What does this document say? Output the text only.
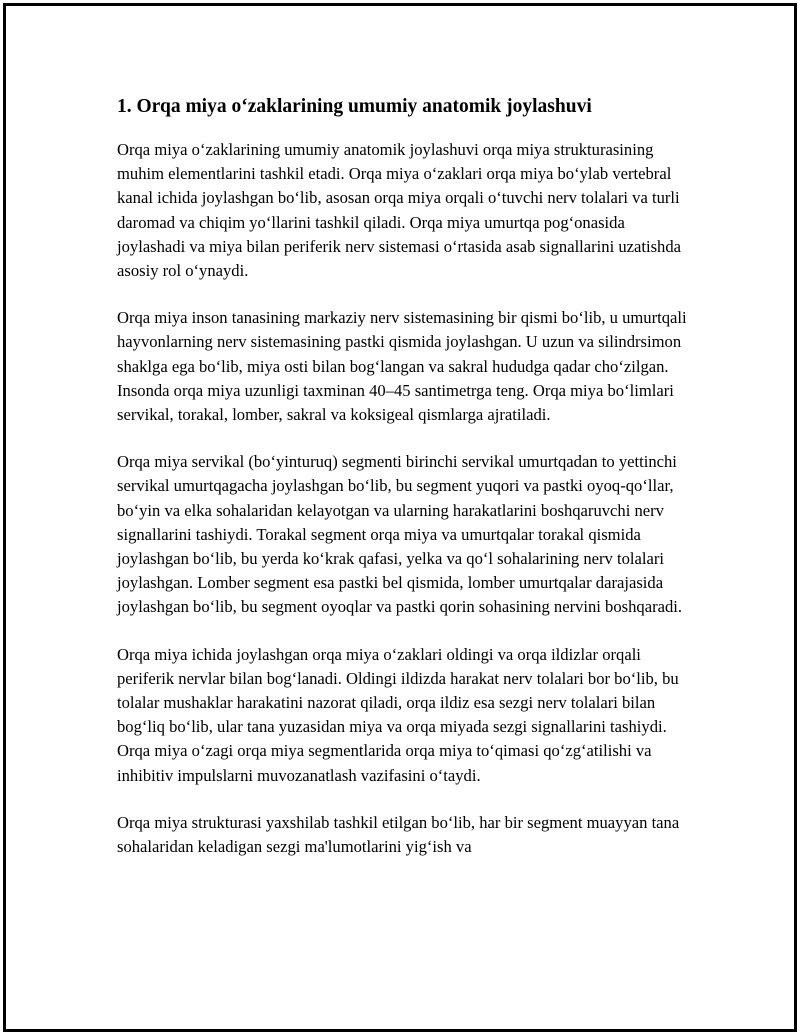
1. Orqa miya o‘zaklarining umumiy anatomik joylashuvi

Orqa miya o‘zaklarining umumiy anatomik joylashuvi orqa miya strukturasining muhim elementlarini tashkil etadi. Orqa miya o‘zaklari orqa miya bo‘ylab vertebral kanal ichida joylashgan bo‘lib, asosan orqa miya orqali o‘tuvchi nerv tolalari va turli daromad va chiqim yo‘llarini tashkil qiladi. Orqa miya umurtqa pog‘onasida joylashadi va miya bilan periferik nerv sistemasi o‘rtasida asab signallarini uzatishda asosiy rol o‘ynaydi.

Orqa miya inson tanasining markaziy nerv sistemasining bir qismi bo‘lib, u umurtqali hayvonlarning nerv sistemasining pastki qismida joylashgan. U uzun va silindrsimon shaklga ega bo‘lib, miya osti bilan bog‘langan va sakral hududga qadar cho‘zilgan. Insonda orqa miya uzunligi taxminan 40–45 santimetrga teng. Orqa miya bo‘limlari servikal, torakal, lomber, sakral va koksigeal qismlarga ajratiladi.

Orqa miya servikal (bo‘yinturuq) segmenti birinchi servikal umurtqadan to yettinchi servikal umurtqagacha joylashgan bo‘lib, bu segment yuqori va pastki oyoq-qo‘llar, bo‘yin va elka sohalaridan kelayotgan va ularning harakatlarini boshqaruvchi nerv signallarini tashiydi. Torakal segment orqa miya va umurtqalar torakal qismida joylashgan bo‘lib, bu yerda ko‘krak qafasi, yelka va qo‘l sohalarining nerv tolalari joylashgan. Lomber segment esa pastki bel qismida, lomber umurtqalar darajasida joylashgan bo‘lib, bu segment oyoqlar va pastki qorin sohasining nervini boshqaradi.

Orqa miya ichida joylashgan orqa miya o‘zaklari oldingi va orqa ildizlar orqali periferik nervlar bilan bog‘lanadi. Oldingi ildizda harakat nerv tolalari bor bo‘lib, bu tolalar mushaklar harakatini nazorat qiladi, orqa ildiz esa sezgi nerv tolalari bilan bog‘liq bo‘lib, ular tana yuzasidan miya va orqa miyada sezgi signallarini tashiydi. Orqa miya o‘zagi orqa miya segmentlarida orqa miya to‘qimasi qo‘zg‘atilishi va inhibitiv impulslarni muvozanatlash vazifasini o‘taydi.

Orqa miya strukturasi yaxshilab tashkil etilgan bo‘lib, har bir segment muayyan tana sohalaridan keladigan sezgi ma'lumotlarini yig‘ish va
